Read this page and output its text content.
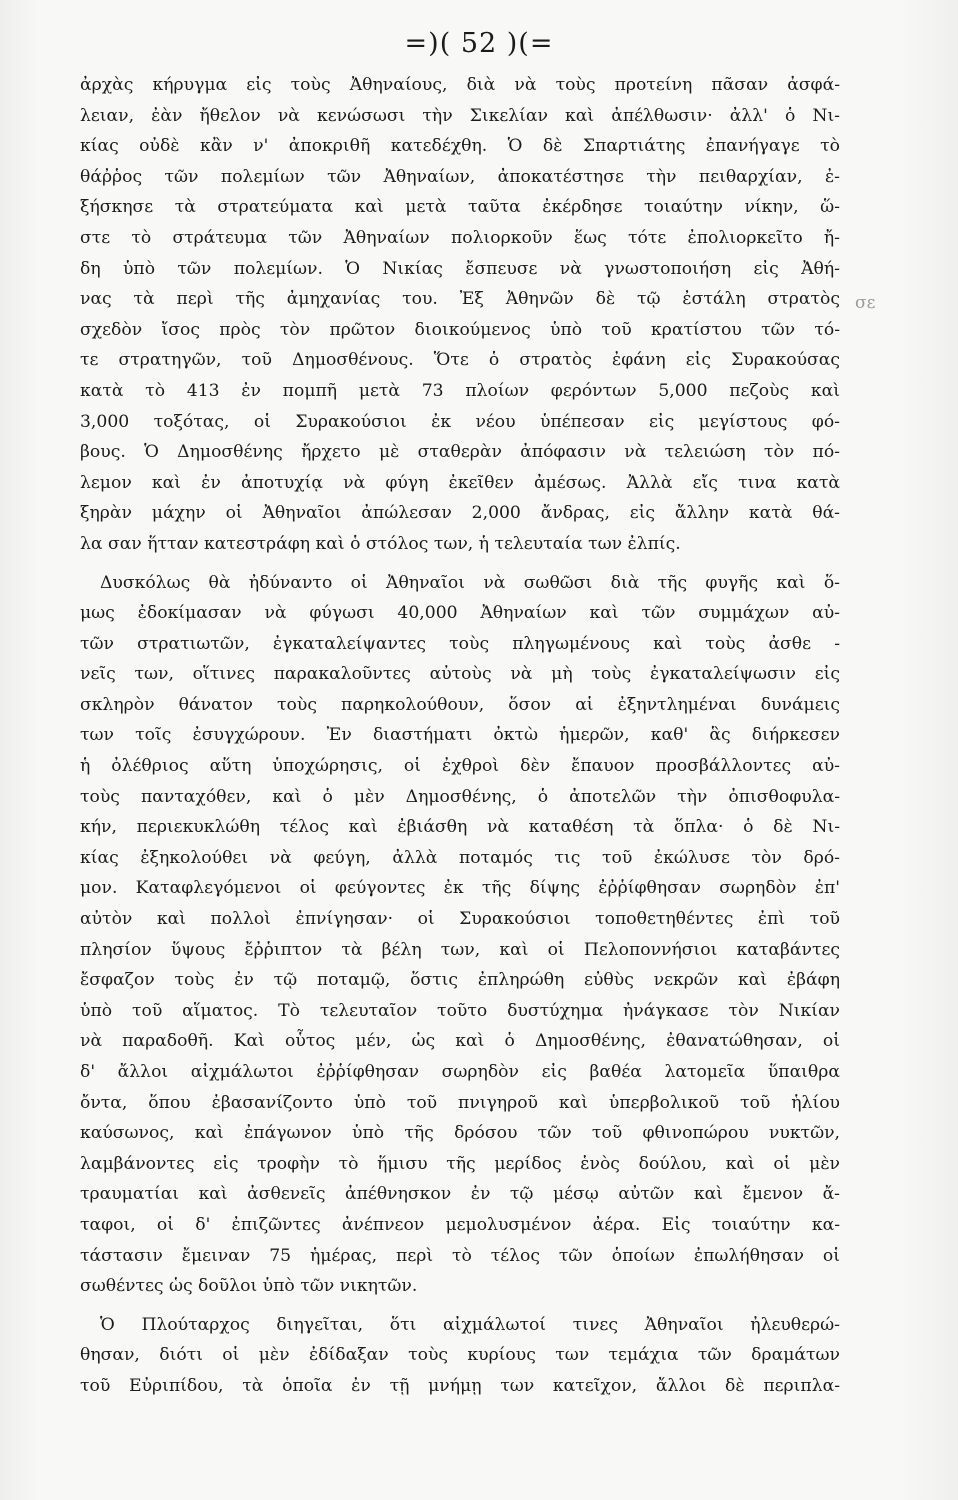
=)( 52 )(=
σε
ἀρχὰς κήρυγμα εἰς τοὺς Ἀθηναίους, διὰ νὰ τοὺς προτείνη πᾶσαν ἀσφά-
λειαν, ἐὰν ἤθελον νὰ κενώσωσι τὴν Σικελίαν καὶ ἀπέλθωσιν· ἀλλ' ὁ Νι-
κίας οὐδὲ κἂν ν' ἀποκριθῆ κατεδέχθη. Ὁ δὲ Σπαρτιάτης ἐπανήγαγε τὸ
θάῤῥος τῶν πολεμίων τῶν Ἀθηναίων, ἀποκατέστησε τὴν πειθαρχίαν, ἐ-
ξήσκησε τὰ στρατεύματα καὶ μετὰ ταῦτα ἐκέρδησε τοιαύτην νίκην, ὥ-
στε τὸ στράτευμα τῶν Ἀθηναίων πολιορκοῦν ἕως τότε ἐπολιορκεῖτο ἤ-
δη ὑπὸ τῶν πολεμίων. Ὁ Νικίας ἔσπευσε νὰ γνωστοποιήση εἰς Ἀθή-
νας τὰ περὶ τῆς ἀμηχανίας του. Ἐξ Ἀθηνῶν δὲ τῷ ἐστάλη στρατὸς
σχεδὸν ἴσος πρὸς τὸν πρῶτον διοικούμενος ὑπὸ τοῦ κρατίστου τῶν τό-
τε στρατηγῶν, τοῦ Δημοσθένους. Ὅτε ὁ στρατὸς ἐφάνη εἰς Συρακούσας
κατὰ τὸ 413 ἐν πομπῆ μετὰ 73 πλοίων φερόντων 5,000 πεζοὺς καὶ
3,000 τοξότας, οἱ Συρακούσιοι ἐκ νέου ὑπέπεσαν εἰς μεγίστους φό-
βους. Ὁ Δημοσθένης ἤρχετο μὲ σταθερὰν ἀπόφασιν νὰ τελειώση τὸν πό-
λεμον καὶ ἐν ἀποτυχίᾳ νὰ φύγη ἐκεῖθεν ἀμέσως. Ἀλλὰ εἴς τινα κατὰ
ξηρὰν μάχην οἱ Ἀθηναῖοι ἀπώλεσαν 2,000 ἄνδρας, εἰς ἄλλην κατὰ θά-
λα σαν ἥτταν κατεστράφη καὶ ὁ στόλος των, ἡ τελευταία των ἐλπίς.
Δυσκόλως θὰ ἠδύναντο οἱ Ἀθηναῖοι νὰ σωθῶσι διὰ τῆς φυγῆς καὶ ὅ-
μως ἐδοκίμασαν νὰ φύγωσι 40,000 Ἀθηναίων καὶ τῶν συμμάχων αὐ-
τῶν στρατιωτῶν, ἐγκαταλείψαντες τοὺς πληγωμένους καὶ τοὺς ἀσθε -
νεῖς των, οἵτινες παρακαλοῦντες αὐτοὺς νὰ μὴ τοὺς ἐγκαταλείψωσιν εἰς
σκληρὸν θάνατον τοὺς παρηκολούθουν, ὅσον αἱ ἐξηντλημέναι δυνάμεις
των τοῖς ἐσυγχώρουν. Ἐν διαστήματι ὀκτὼ ἡμερῶν, καθ' ἃς διήρκεσεν
ἡ ὀλέθριος αὕτη ὑποχώρησις, οἱ ἐχθροὶ δὲν ἔπαυον προσβάλλοντες αὐ-
τοὺς πανταχόθεν, καὶ ὁ μὲν Δημοσθένης, ὁ ἀποτελῶν τὴν ὀπισθοφυλα-
κήν, περιεκυκλώθη τέλος καὶ ἐβιάσθη νὰ καταθέση τὰ ὅπλα· ὁ δὲ Νι-
κίας ἐξηκολούθει νὰ φεύγη, ἀλλὰ ποταμός τις τοῦ ἐκώλυσε τὸν δρό-
μον. Καταφλεγόμενοι οἱ φεύγοντες ἐκ τῆς δίψης ἐῤῥίφθησαν σωρηδὸν ἐπ'
αὐτὸν καὶ πολλοὶ ἐπνίγησαν· οἱ Συρακούσιοι τοποθετηθέντες ἐπὶ τοῦ
πλησίον ὕψους ἔῤῥιπτον τὰ βέλη των, καὶ οἱ Πελοποννήσιοι καταβάντες
ἔσφαζον τοὺς ἐν τῷ ποταμῷ, ὅστις ἐπληρώθη εὐθὺς νεκρῶν καὶ ἐβάφη
ὑπὸ τοῦ αἵματος. Τὸ τελευταῖον τοῦτο δυστύχημα ἠνάγκασε τὸν Νικίαν
νὰ παραδοθῆ. Καὶ οὗτος μέν, ὡς καὶ ὁ Δημοσθένης, ἐθανατώθησαν, οἱ
δ' ἄλλοι αἰχμάλωτοι ἐῤῥίφθησαν σωρηδὸν εἰς βαθέα λατομεῖα ὕπαιθρα
ὄντα, ὅπου ἐβασανίζοντο ὑπὸ τοῦ πνιγηροῦ καὶ ὑπερβολικοῦ τοῦ ἡλίου
καύσωνος, καὶ ἐπάγωνον ὑπὸ τῆς δρόσου τῶν τοῦ φθινοπώρου νυκτῶν,
λαμβάνοντες εἰς τροφὴν τὸ ἥμισυ τῆς μερίδος ἑνὸς δούλου, καὶ οἱ μὲν
τραυματίαι καὶ ἀσθενεῖς ἀπέθνησκον ἐν τῷ μέσῳ αὐτῶν καὶ ἔμενον ἄ-
ταφοι, οἱ δ' ἐπιζῶντες ἀνέπνεον μεμολυσμένον ἀέρα. Εἰς τοιαύτην κα-
τάστασιν ἔμειναν 75 ἡμέρας, περὶ τὸ τέλος τῶν ὁποίων ἐπωλήθησαν οἱ
σωθέντες ὡς δοῦλοι ὑπὸ τῶν νικητῶν.
Ὁ Πλούταρχος διηγεῖται, ὅτι αἰχμάλωτοί τινες Ἀθηναῖοι ἠλευθερώ-
θησαν, διότι οἱ μὲν ἐδίδαξαν τοὺς κυρίους των τεμάχια τῶν δραμάτων
τοῦ Εὐριπίδου, τὰ ὁποῖα ἐν τῇ μνήμῃ των κατεῖχον, ἄλλοι δὲ περιπλα-
